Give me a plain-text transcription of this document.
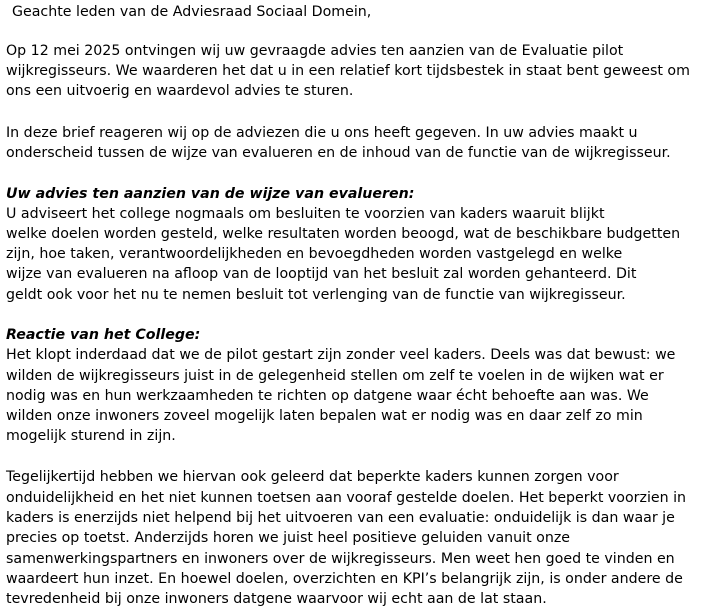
Geachte leden van de Adviesraad Sociaal Domein,
Op 12 mei 2025 ontvingen wij uw gevraagde advies ten aanzien van de Evaluatie pilot
wijkregisseurs. We waarderen het dat u in een relatief kort tijdsbestek in staat bent geweest om
ons een uitvoerig en waardevol advies te sturen.
In deze brief reageren wij op de adviezen die u ons heeft gegeven. In uw advies maakt u
onderscheid tussen de wijze van evalueren en de inhoud van de functie van de wijkregisseur.
Uw advies ten aanzien van de wijze van evalueren:
U adviseert het college nogmaals om besluiten te voorzien van kaders waaruit blijkt
welke doelen worden gesteld, welke resultaten worden beoogd, wat de beschikbare budgetten
zijn, hoe taken, verantwoordelijkheden en bevoegdheden worden vastgelegd en welke
wijze van evalueren na afloop van de looptijd van het besluit zal worden gehanteerd. Dit
geldt ook voor het nu te nemen besluit tot verlenging van de functie van wijkregisseur.
Reactie van het College:
Het klopt inderdaad dat we de pilot gestart zijn zonder veel kaders. Deels was dat bewust: we
wilden de wijkregisseurs juist in de gelegenheid stellen om zelf te voelen in de wijken wat er
nodig was en hun werkzaamheden te richten op datgene waar écht behoefte aan was. We
wilden onze inwoners zoveel mogelijk laten bepalen wat er nodig was en daar zelf zo min
mogelijk sturend in zijn.
Tegelijkertijd hebben we hiervan ook geleerd dat beperkte kaders kunnen zorgen voor
onduidelijkheid en het niet kunnen toetsen aan vooraf gestelde doelen. Het beperkt voorzien in
kaders is enerzijds niet helpend bij het uitvoeren van een evaluatie: onduidelijk is dan waar je
precies op toetst. Anderzijds horen we juist heel positieve geluiden vanuit onze
samenwerkingspartners en inwoners over de wijkregisseurs. Men weet hen goed te vinden en
waardeert hun inzet. En hoewel doelen, overzichten en KPI’s belangrijk zijn, is onder andere de
tevredenheid bij onze inwoners datgene waarvoor wij echt aan de lat staan.
